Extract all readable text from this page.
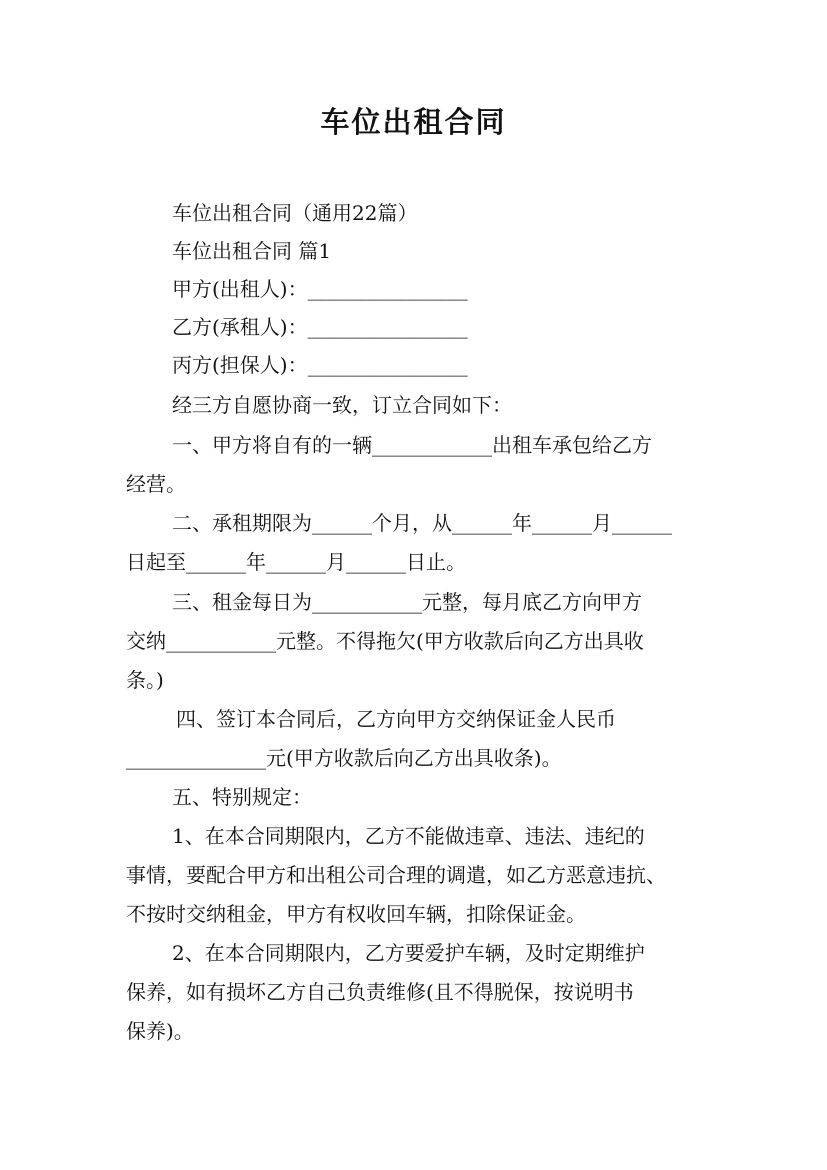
车位出租合同
车位出租合同（通用22篇）
车位出租合同 篇1
甲方(出租人)：________________
乙方(承租人)：________________
丙方(担保人)：________________
经三方自愿协商一致，订立合同如下：
一、甲方将自有的一辆____________出租车承包给乙方
经营。
二、承租期限为______个月，从______年______月______
日起至______年______月______日止。
三、租金每日为___________元整，每月底乙方向甲方
交纳___________元整。不得拖欠(甲方收款后向乙方出具收
条。)
四、签订本合同后，乙方向甲方交纳保证金人民币
______________元(甲方收款后向乙方出具收条)。
五、特别规定：
1、在本合同期限内，乙方不能做违章、违法、违纪的
事情，要配合甲方和出租公司合理的调遣，如乙方恶意违抗、
不按时交纳租金，甲方有权收回车辆，扣除保证金。
2、在本合同期限内，乙方要爱护车辆，及时定期维护
保养，如有损坏乙方自己负责维修(且不得脱保，按说明书
保养)。
